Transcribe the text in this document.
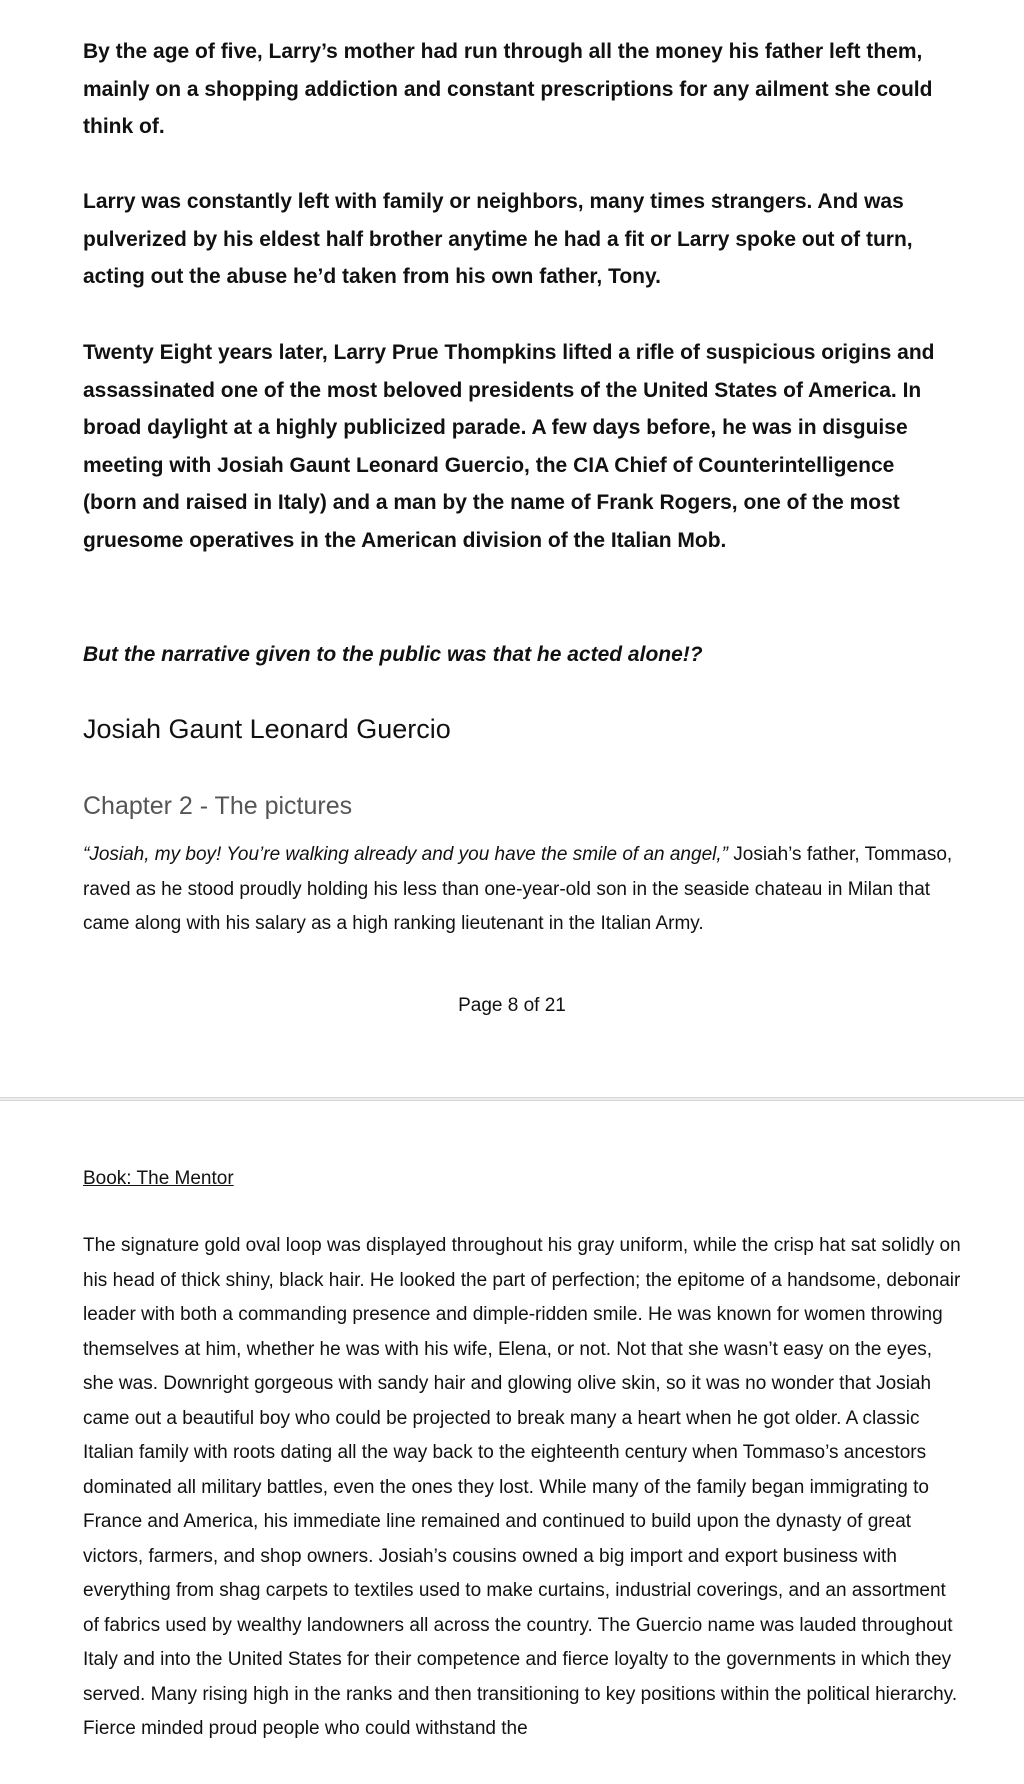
By the age of five, Larry’s mother had run through all the money his father left them, mainly on a shopping addiction and constant prescriptions for any ailment she could think of.

Larry was constantly left with family or neighbors, many times strangers. And was pulverized by his eldest half brother anytime he had a fit or Larry spoke out of turn, acting out the abuse he’d taken from his own father, Tony.

Twenty Eight years later, Larry Prue Thompkins lifted a rifle of suspicious origins and assassinated one of the most beloved presidents of the United States of America. In broad daylight at a highly publicized parade. A few days before, he was in disguise meeting with Josiah Gaunt Leonard Guercio, the CIA Chief of Counterintelligence (born and raised in Italy) and a man by the name of Frank Rogers, one of the most gruesome operatives in the American division of the Italian Mob.

But the narrative given to the public was that he acted alone!?

Josiah Gaunt Leonard Guercio

Chapter 2 - The pictures

“Josiah, my boy! You’re walking already and you have the smile of an angel,” Josiah’s father, Tommaso, raved as he stood proudly holding his less than one-year-old son in the seaside chateau in Milan that came along with his salary as a high ranking lieutenant in the Italian Army.

Page 8 of 21

Book: The Mentor

The signature gold oval loop was displayed throughout his gray uniform, while the crisp hat sat solidly on his head of thick shiny, black hair. He looked the part of perfection; the epitome of a handsome, debonair leader with both a commanding presence and dimple-ridden smile. He was known for women throwing themselves at him, whether he was with his wife, Elena, or not. Not that she wasn’t easy on the eyes, she was. Downright gorgeous with sandy hair and glowing olive skin, so it was no wonder that Josiah came out a beautiful boy who could be projected to break many a heart when he got older. A classic Italian family with roots dating all the way back to the eighteenth century when Tommaso’s ancestors dominated all military battles, even the ones they lost. While many of the family began immigrating to France and America, his immediate line remained and continued to build upon the dynasty of great victors, farmers, and shop owners. Josiah’s cousins owned a big import and export business with everything from shag carpets to textiles used to make curtains, industrial coverings, and an assortment of fabrics used by wealthy landowners all across the country. The Guercio name was lauded throughout Italy and into the United States for their competence and fierce loyalty to the governments in which they served. Many rising high in the ranks and then transitioning to key positions within the political hierarchy. Fierce minded proud people who could withstand the
